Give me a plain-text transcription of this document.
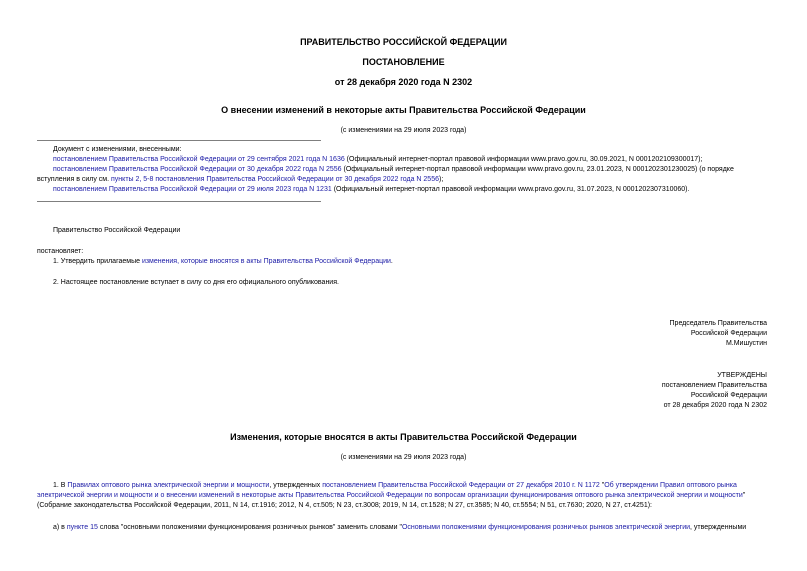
ПРАВИТЕЛЬСТВО РОССИЙСКОЙ ФЕДЕРАЦИИ
ПОСТАНОВЛЕНИЕ
от 28 декабря 2020 года N 2302
О внесении изменений в некоторые акты Правительства Российской Федерации
(с изменениями на 29 июля 2023 года)
Документ с изменениями, внесенными:
постановлением Правительства Российской Федерации от 29 сентября 2021 года N 1636 (Официальный интернет-портал правовой информации www.pravo.gov.ru, 30.09.2021, N 0001202109300017);
постановлением Правительства Российской Федерации от 30 декабря 2022 года N 2556 (Официальный интернет-портал правовой информации www.pravo.gov.ru, 23.01.2023, N 0001202301230025) (о порядке
вступления в силу см. пункты 2, 5-8 постановления Правительства Российской Федерации от 30 декабря 2022 года N 2556);
постановлением Правительства Российской Федерации от 29 июля 2023 года N 1231 (Официальный интернет-портал правовой информации www.pravo.gov.ru, 31.07.2023, N 0001202307310060).
Правительство Российской Федерации
постановляет:
1. Утвердить прилагаемые изменения, которые вносятся в акты Правительства Российской Федерации.
2. Настоящее постановление вступает в силу со дня его официального опубликования.
Председатель Правительства
Российской Федерации
М.Мишустин
УТВЕРЖДЕНЫ
постановлением Правительства
Российской Федерации
от 28 декабря 2020 года N 2302
Изменения, которые вносятся в акты Правительства Российской Федерации
(с изменениями на 29 июля 2023 года)
1. В Правилах оптового рынка электрической энергии и мощности, утвержденных постановлением Правительства Российской Федерации от 27 декабря 2010 г. N 1172 "Об утверждении Правил оптового рынка
электрической энергии и мощности и о внесении изменений в некоторые акты Правительства Российской Федерации по вопросам организации функционирования оптового рынка электрической энергии и мощности"
(Собрание законодательства Российской Федерации, 2011, N 14, ст.1916; 2012, N 4, ст.505; N 23, ст.3008; 2019, N 14, ст.1528; N 27, ст.3585; N 40, ст.5554; N 51, ст.7630; 2020, N 27, ст.4251):
а) в пункте 15 слова "основными положениями функционирования розничных рынков" заменить словами "Основными положениями функционирования розничных рынков электрической энергии, утвержденными
